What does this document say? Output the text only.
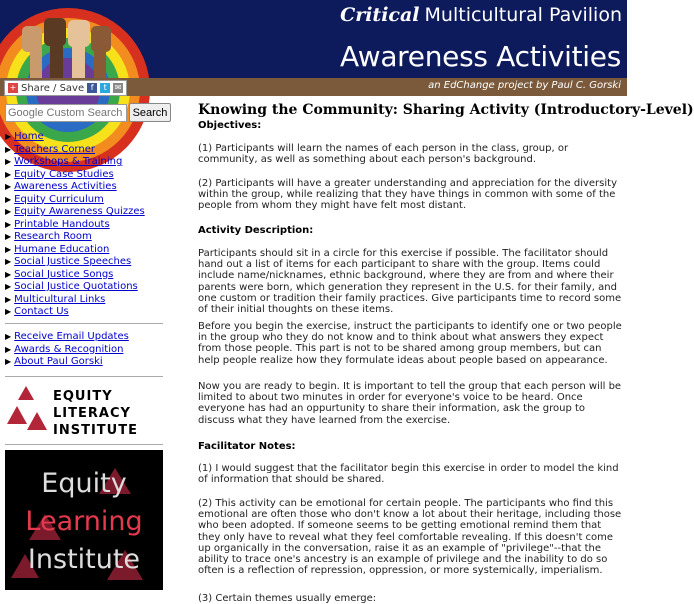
Critical Multicultural Pavilion
Awareness Activities
+ Share / Save f	t	✉	an EdChange project by Paul C. Gorski
Google Custom Search
Search
▶ Home
▶ Teachers Corner
▶ Workshops & Training
▶ Equity Case Studies
▶ Awareness Activities
▶ Equity Curriculum
▶ Equity Awareness Quizzes
▶ Printable Handouts
▶ Research Room
▶ Humane Education
▶ Social Justice Speeches
▶ Social Justice Songs
▶ Social Justice Quotations
▶ Multicultural Links
▶ Contact Us
▶ Receive Email Updates
▶ Awards & Recognition
▶ About Paul Gorski
EQUITY
LITERACY
INSTITUTE
Equity
Learning
Institute
Knowing the Community: Sharing Activity (Introductory-Level)

Objectives:

(1) Participants will learn the names of each person in the class, group, or community, as well as something about each person's background.

(2) Participants will have a greater understanding and appreciation for the diversity within the group, while realizing that they have things in common with some of the people from whom they might have felt most distant.

Activity Description:

Participants should sit in a circle for this exercise if possible. The facilitator should hand out a list of items for each participant to share with the group. Items could include name/nicknames, ethnic background, where they are from and where their parents were born, which generation they represent in the U.S. for their family, and one custom or tradition their family practices. Give participants time to record some of their initial thoughts on these items.

Before you begin the exercise, instruct the participants to identify one or two people in the group who they do not know and to think about what answers they expect from those people. This part is not to be shared among group members, but can help people realize how they formulate ideas about people based on appearance.

Now you are ready to begin. It is important to tell the group that each person will be limited to about two minutes in order for everyone's voice to be heard. Once everyone has had an oppurtunity to share their information, ask the group to discuss what they have learned from the exercise.

Facilitator Notes:

(1) I would suggest that the facilitator begin this exercise in order to model the kind of information that should be shared.

(2) This activity can be emotional for certain people. The participants who find this emotional are often those who don't know a lot about their heritage, including those who been adopted. If someone seems to be getting emotional remind them that they only have to reveal what they feel comfortable revealing. If this doesn't come up organically in the conversation, raise it as an example of "privilege"--that the ability to trace one's ancestry is an example of privilege and the inability to do so often is a reflection of repression, oppression, or more systemically, imperialism.

(3) Certain themes usually emerge:
